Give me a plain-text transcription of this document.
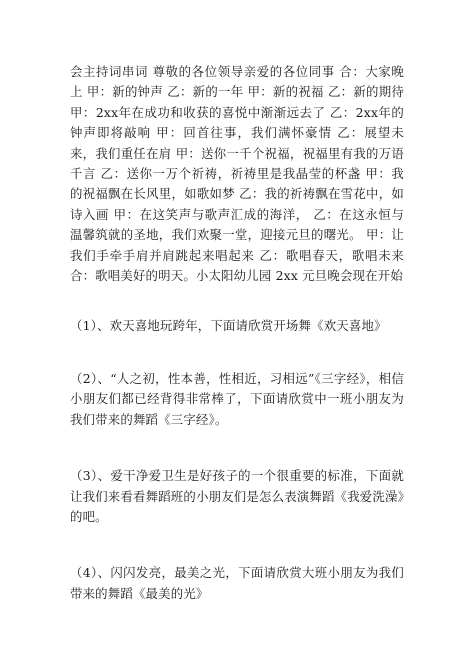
会主持词串词 尊敬的各位领导亲爱的各位同事 合：大家晚上 甲：新的钟声 乙：新的一年 甲：新的祝福 乙：新的期待 甲：2xx年在成功和收获的喜悦中渐渐远去了 乙：2xx年的钟声即将敲响 甲：回首往事，我们满怀豪情 乙：展望未来，我们重任在肩 甲：送你一千个祝福，祝福里有我的万语千言 乙：送你一万个祈祷，祈祷里是我晶莹的杯盏 甲：我的祝福飘在长风里，如歌如梦 乙：我的祈祷飘在雪花中，如诗入画 甲：在这笑声与歌声汇成的海洋， 乙：在这永恒与温馨筑就的圣地，我们欢聚一堂，迎接元旦的曙光。 甲：让我们手牵手肩并肩跳起来唱起来 乙：歌唱春天，歌唱未来 合：歌唱美好的明天。小太阳幼儿园 2xx 元旦晚会现在开始

（1）、欢天喜地玩跨年，下面请欣赏开场舞《欢天喜地》

（2）、“人之初，性本善，性相近，习相远”《三字经》，相信小朋友们都已经背得非常棒了，下面请欣赏中一班小朋友为我们带来的舞蹈《三字经》。

（3）、爱干净爱卫生是好孩子的一个很重要的标准，下面就让我们来看看舞蹈班的小朋友们是怎么表演舞蹈《我爱洗澡》的吧。

（4）、闪闪发亮，最美之光，下面请欣赏大班小朋友为我们带来的舞蹈《最美的光》
